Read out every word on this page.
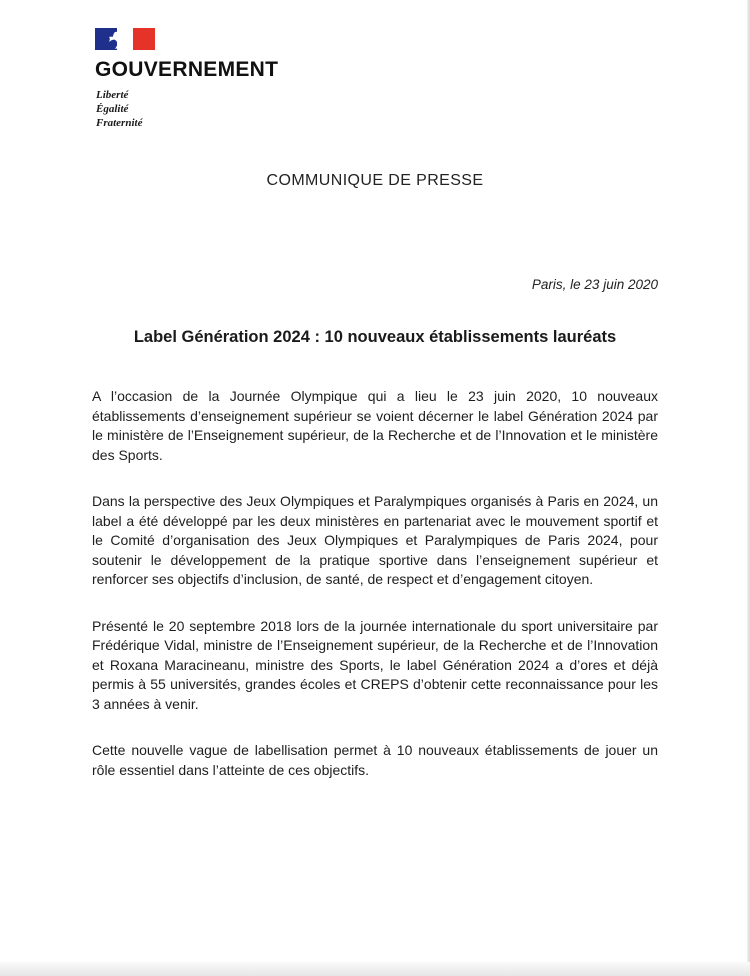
GOUVERNEMENT
Liberté
Égalité
Fraternité
COMMUNIQUE DE PRESSE
Paris, le 23 juin 2020
Label Génération 2024 : 10 nouveaux établissements lauréats

A l’occasion de la Journée Olympique qui a lieu le 23 juin 2020, 10 nouveaux établissements d’enseignement supérieur se voient décerner le label Génération 2024 par le ministère de l’Enseignement supérieur, de la Recherche et de l’Innovation et le ministère des Sports.

Dans la perspective des Jeux Olympiques et Paralympiques organisés à Paris en 2024, un label a été développé par les deux ministères en partenariat avec le mouvement sportif et le Comité d’organisation des Jeux Olympiques et Paralympiques de Paris 2024, pour soutenir le développement de la pratique sportive dans l’enseignement supérieur et renforcer ses objectifs d’inclusion, de santé, de respect et d’engagement citoyen.

Présenté le 20 septembre 2018 lors de la journée internationale du sport universitaire par Frédérique Vidal, ministre de l’Enseignement supérieur, de la Recherche et de l’Innovation et Roxana Maracineanu, ministre des Sports, le label Génération 2024 a d’ores et déjà permis à 55 universités, grandes écoles et CREPS d’obtenir cette reconnaissance pour les 3 années à venir.

Cette nouvelle vague de labellisation permet à 10 nouveaux établissements de jouer un rôle essentiel dans l’atteinte de ces objectifs.
